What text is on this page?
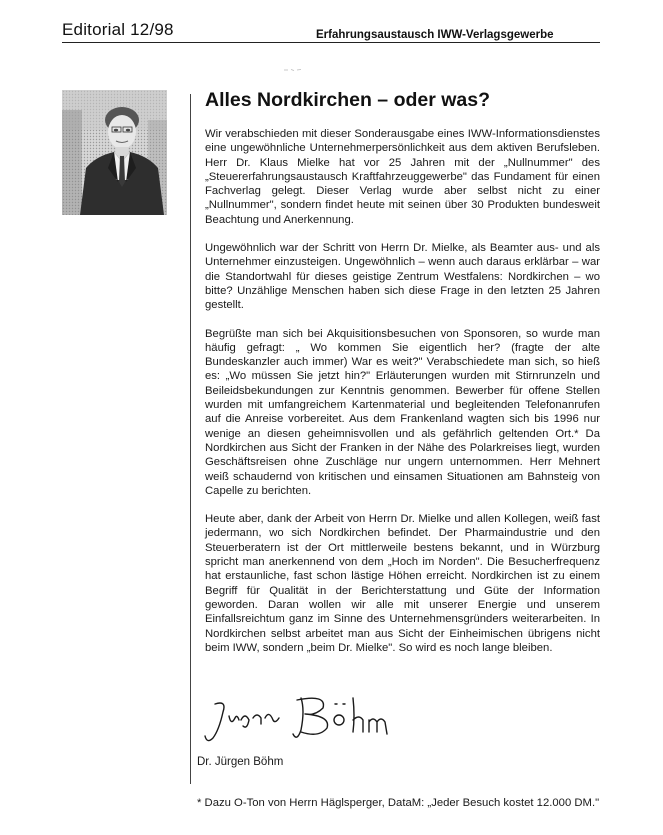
Editorial 12/98	Erfahrungsaustausch IWW-Verlagsgewerbe
Alles Nordkirchen – oder was?

Wir verabschieden mit dieser Sonderausgabe eines IWW-Informationsdienstes eine ungewöhnliche Unternehmerpersönlichkeit aus dem aktiven Berufsleben. Herr Dr. Klaus Mielke hat vor 25 Jahren mit der „Nullnummer" des „Steuererfahrungsaustausch Kraftfahrzeuggewerbe" das Fundament für einen Fachverlag gelegt. Dieser Verlag wurde aber selbst nicht zu einer „Nullnummer", sondern findet heute mit seinen über 30 Produkten bundesweit Beachtung und Anerkennung.

Ungewöhnlich war der Schritt von Herrn Dr. Mielke, als Beamter aus- und als Unternehmer einzusteigen. Ungewöhnlich – wenn auch daraus erklärbar – war die Standortwahl für dieses geistige Zentrum Westfalens: Nordkirchen – wo bitte? Unzählige Menschen haben sich diese Frage in den letzten 25 Jahren gestellt.

Begrüßte man sich bei Akquisitionsbesuchen von Sponsoren, so wurde man häufig gefragt: „ Wo kommen Sie eigentlich her? (fragte der alte Bundeskanzler auch immer) War es weit?" Verabschiedete man sich, so hieß es: „Wo müssen Sie jetzt hin?" Erläuterungen wurden mit Stirnrunzeln und Beileidsbekundungen zur Kenntnis genommen. Bewerber für offene Stellen wurden mit umfangreichem Kartenmaterial und begleitenden Telefonanrufen auf die Anreise vorbereitet. Aus dem Frankenland wagten sich bis 1996 nur wenige an diesen geheimnisvollen und als gefährlich geltenden Ort.* Da Nordkirchen aus Sicht der Franken in der Nähe des Polarkreises liegt, wurden Geschäftsreisen ohne Zuschläge nur ungern unternommen. Herr Mehnert weiß schaudernd von kritischen und einsamen Situationen am Bahnsteig von Capelle zu berichten.

Heute aber, dank der Arbeit von Herrn Dr. Mielke und allen Kollegen, weiß fast jedermann, wo sich Nordkirchen befindet. Der Pharmaindustrie und den Steuerberatern ist der Ort mittlerweile bestens bekannt, und in Würzburg spricht man anerkennend von dem „Hoch im Norden". Die Besucherfrequenz hat erstaunliche, fast schon lästige Höhen erreicht. Nordkirchen ist zu einem Begriff für Qualität in der Berichterstattung und Güte der Information geworden. Daran wollen wir alle mit unserer Energie und unserem Einfallsreichtum ganz im Sinne des Unternehmensgründers weiterarbeiten. In Nordkirchen selbst arbeitet man aus Sicht der Einheimischen übrigens nicht beim IWW, sondern „beim Dr. Mielke". So wird es noch lange bleiben.

Dr. Jürgen Böhm
* Dazu O-Ton von Herrn Häglsperger, DataM: „Jeder Besuch kostet 12.000 DM."
